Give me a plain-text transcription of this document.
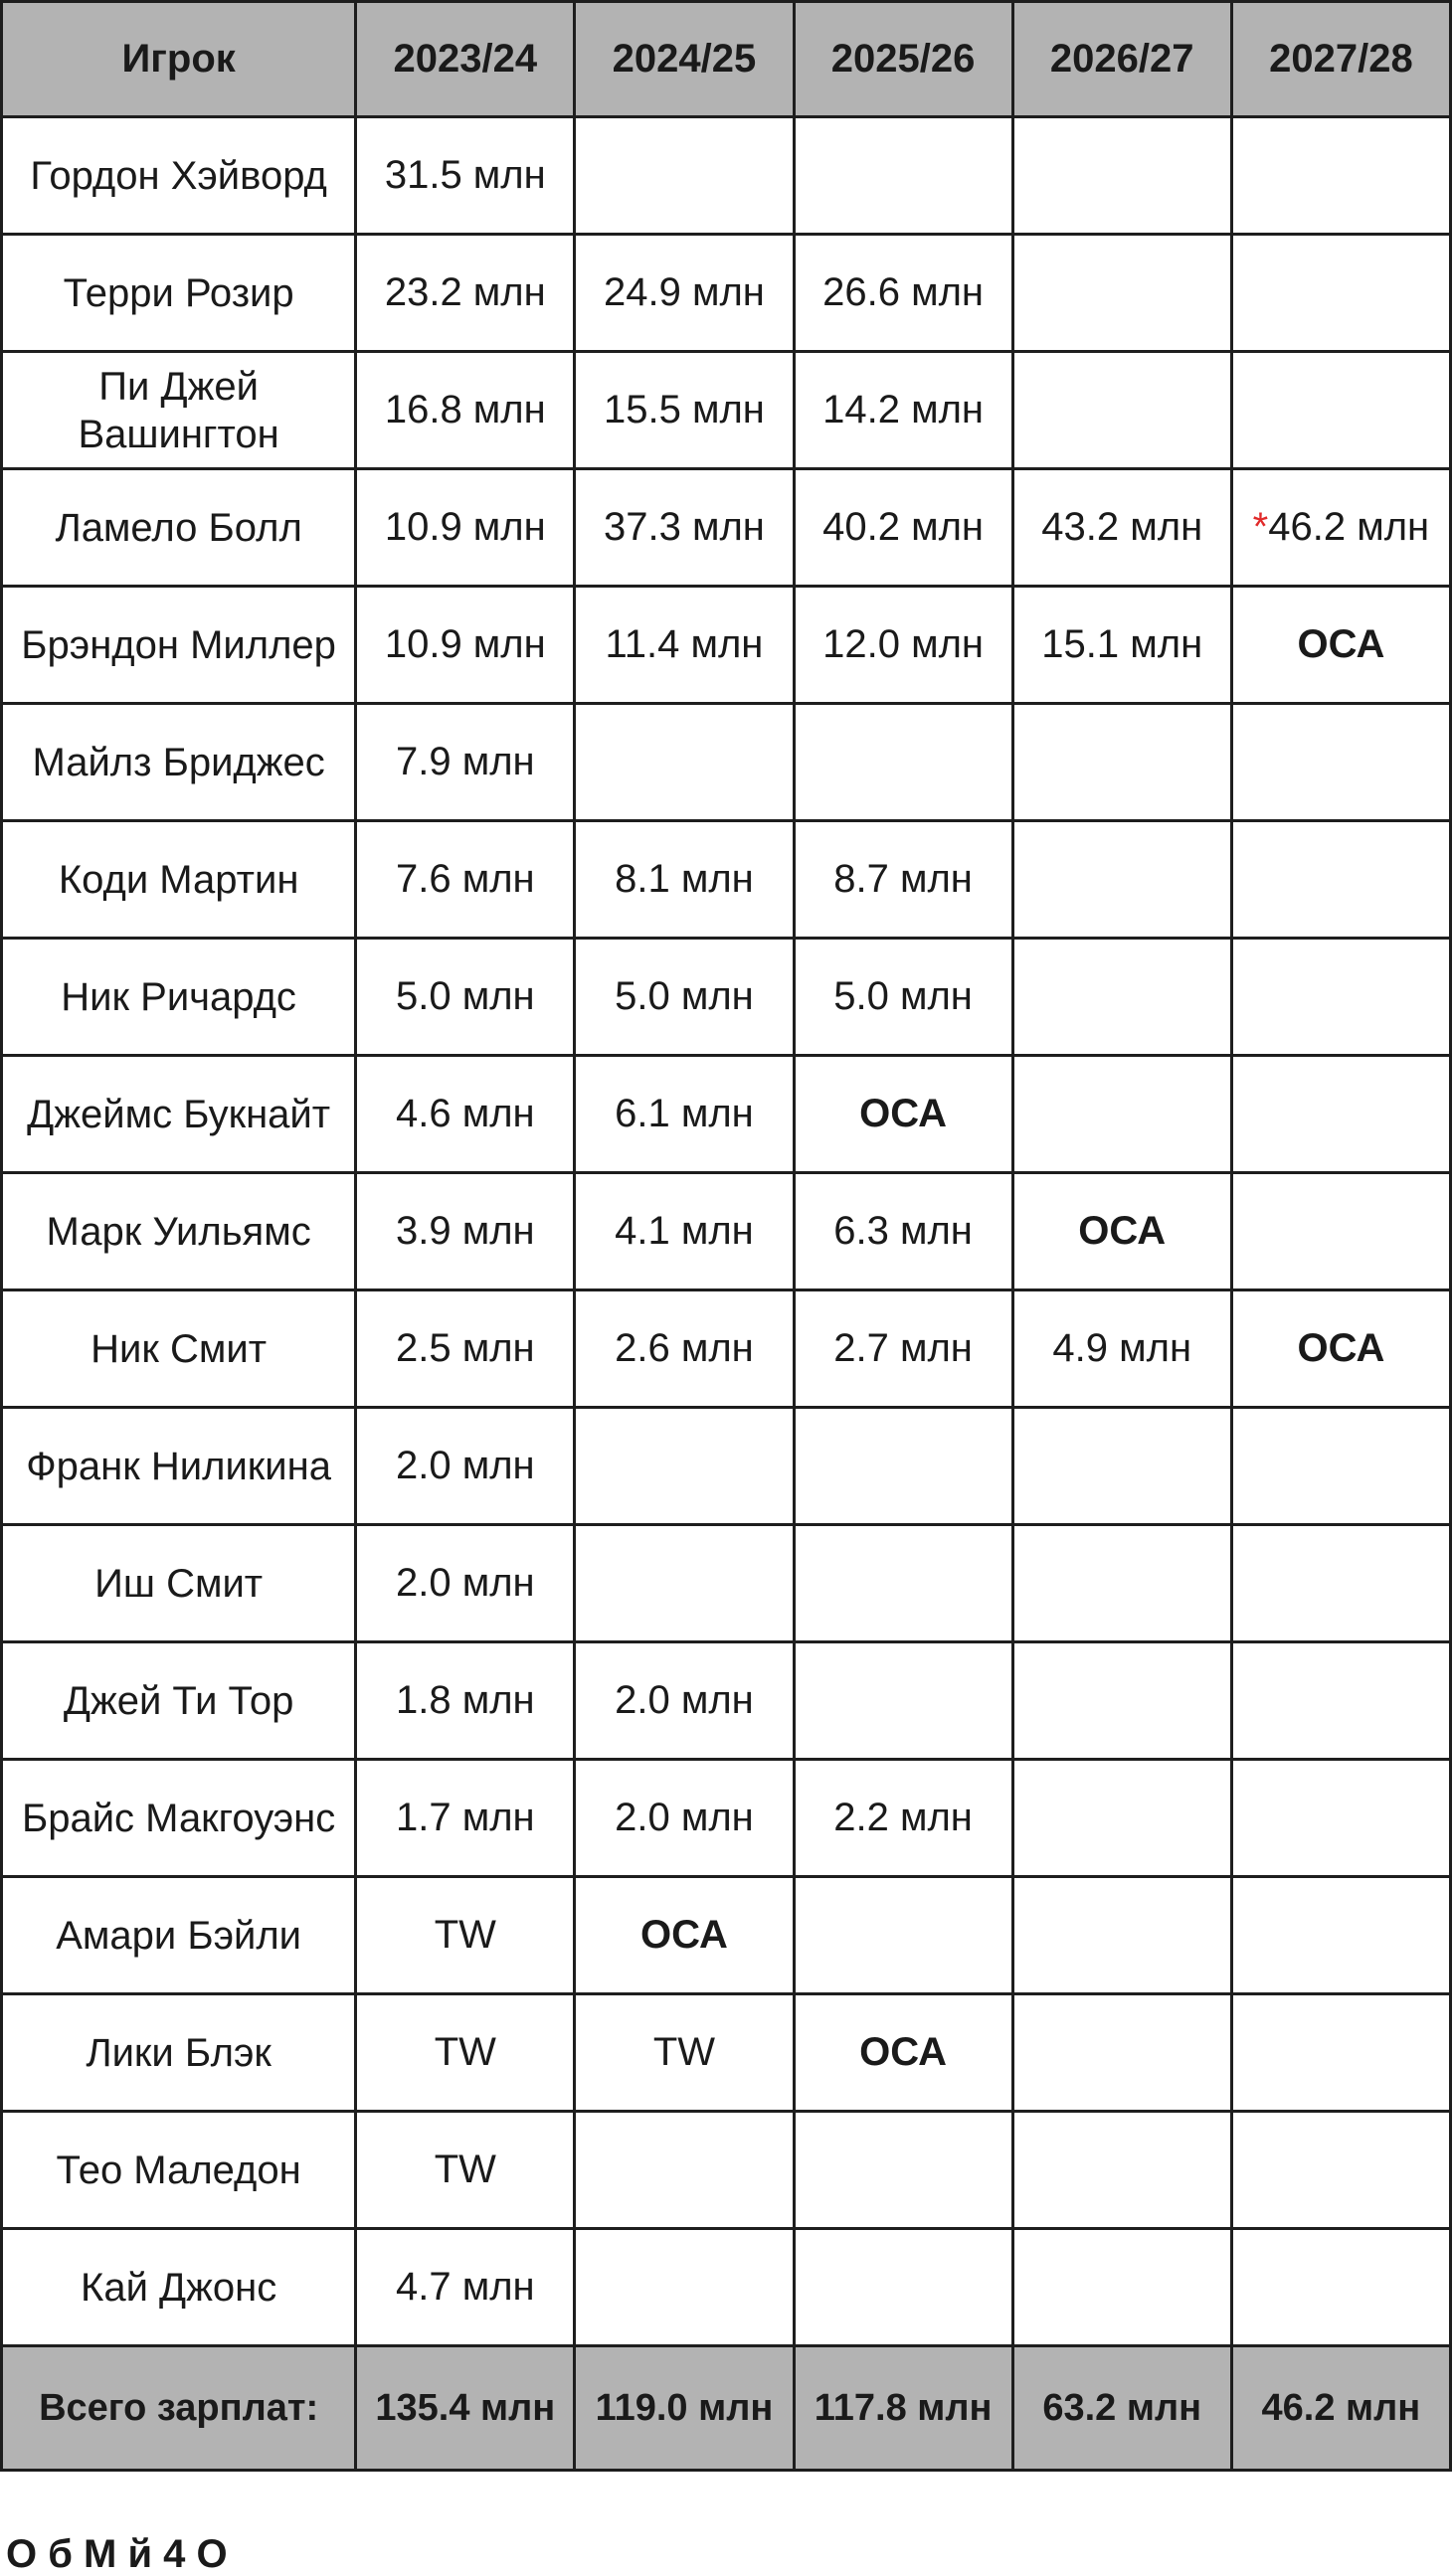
Игрок	2023/24	2024/25	2025/26	2026/27	2027/28
Гордон Хэйворд	31.5 млн				
Терри Розир	23.2 млн	24.9 млн	26.6 млн		
Пи Джей Вашингтон	16.8 млн	15.5 млн	14.2 млн		
Ламело Болл	10.9 млн	37.3 млн	40.2 млн	43.2 млн	*46.2 млн
Брэндон Миллер	10.9 млн	11.4 млн	12.0 млн	15.1 млн	ОСА
Майлз Бриджес	7.9 млн				
Коди Мартин	7.6 млн	8.1 млн	8.7 млн		
Ник Ричардс	5.0 млн	5.0 млн	5.0 млн		
Джеймс Букнайт	4.6 млн	6.1 млн	ОСА		
Марк Уильямс	3.9 млн	4.1 млн	6.3 млн	ОСА	
Ник Смит	2.5 млн	2.6 млн	2.7 млн	4.9 млн	ОСА
Франк Ниликина	2.0 млн				
Иш Смит	2.0 млн				
Джей Ти Тор	1.8 млн	2.0 млн			
Брайс Макгоуэнс	1.7 млн	2.0 млн	2.2 млн		
Амари Бэйли	TW	ОСА			
Лики Блэк	TW	TW	ОСА		
Тео Маледон	TW				
Кай Джонс	4.7 млн				
Всего зарплат:	135.4 млн	119.0 млн	117.8 млн	63.2 млн	46.2 млн
О б М й 4 О
